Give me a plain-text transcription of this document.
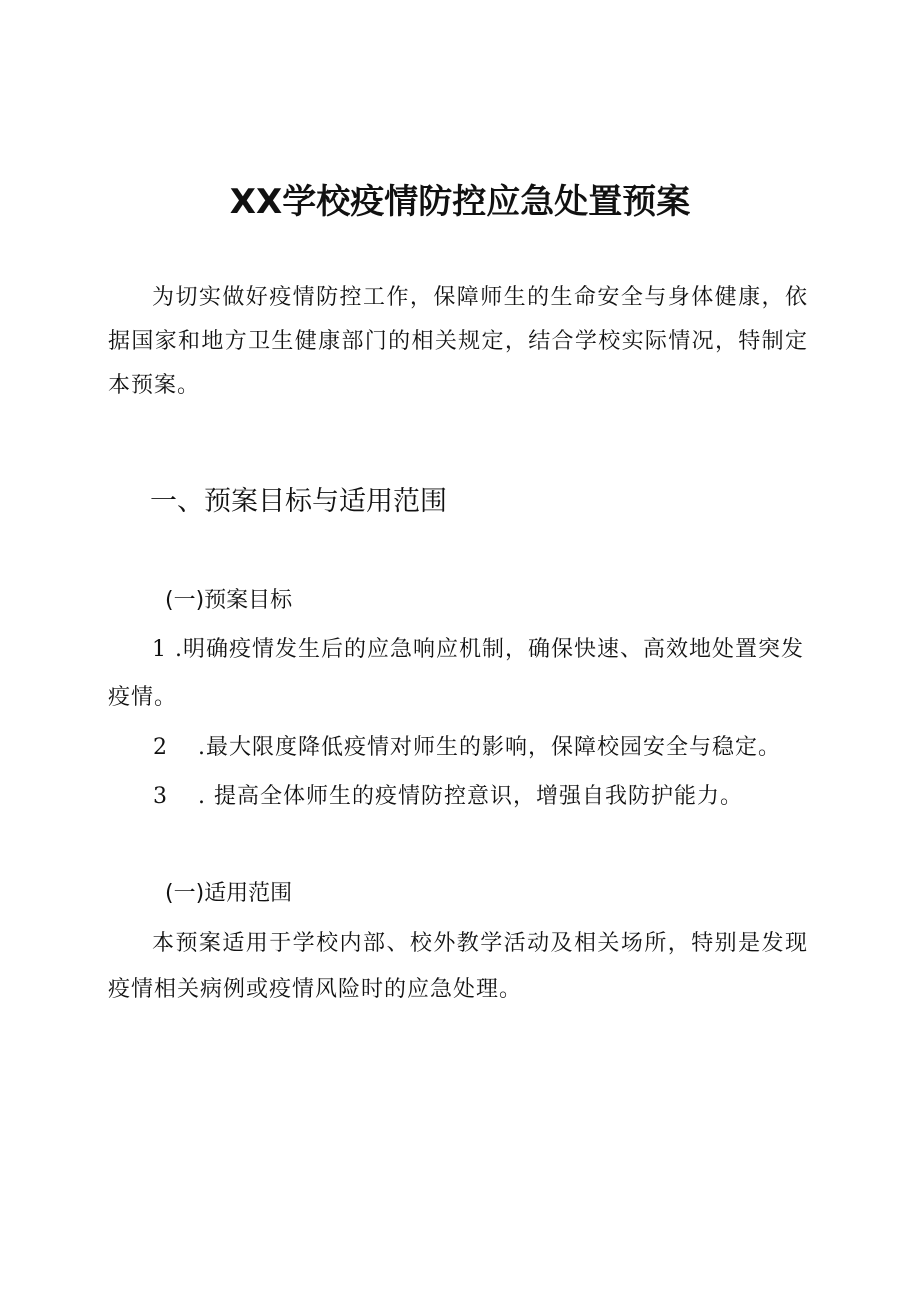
XX学校疫情防控应急处置预案

为切实做好疫情防控工作，保障师生的生命安全与身体健康，依据国家和地方卫生健康部门的相关规定，结合学校实际情况，特制定本预案。

一、预案目标与适用范围
(一)预案目标

1 .明确疫情发生后的应急响应机制，确保快速、高效地处置突发疫情。

2 .最大限度降低疫情对师生的影响，保障校园安全与稳定。

3 . 提高全体师生的疫情防控意识，增强自我防护能力。

(一)适用范围

本预案适用于学校内部、校外教学活动及相关场所，特别是发现疫情相关病例或疫情风险时的应急处理。
